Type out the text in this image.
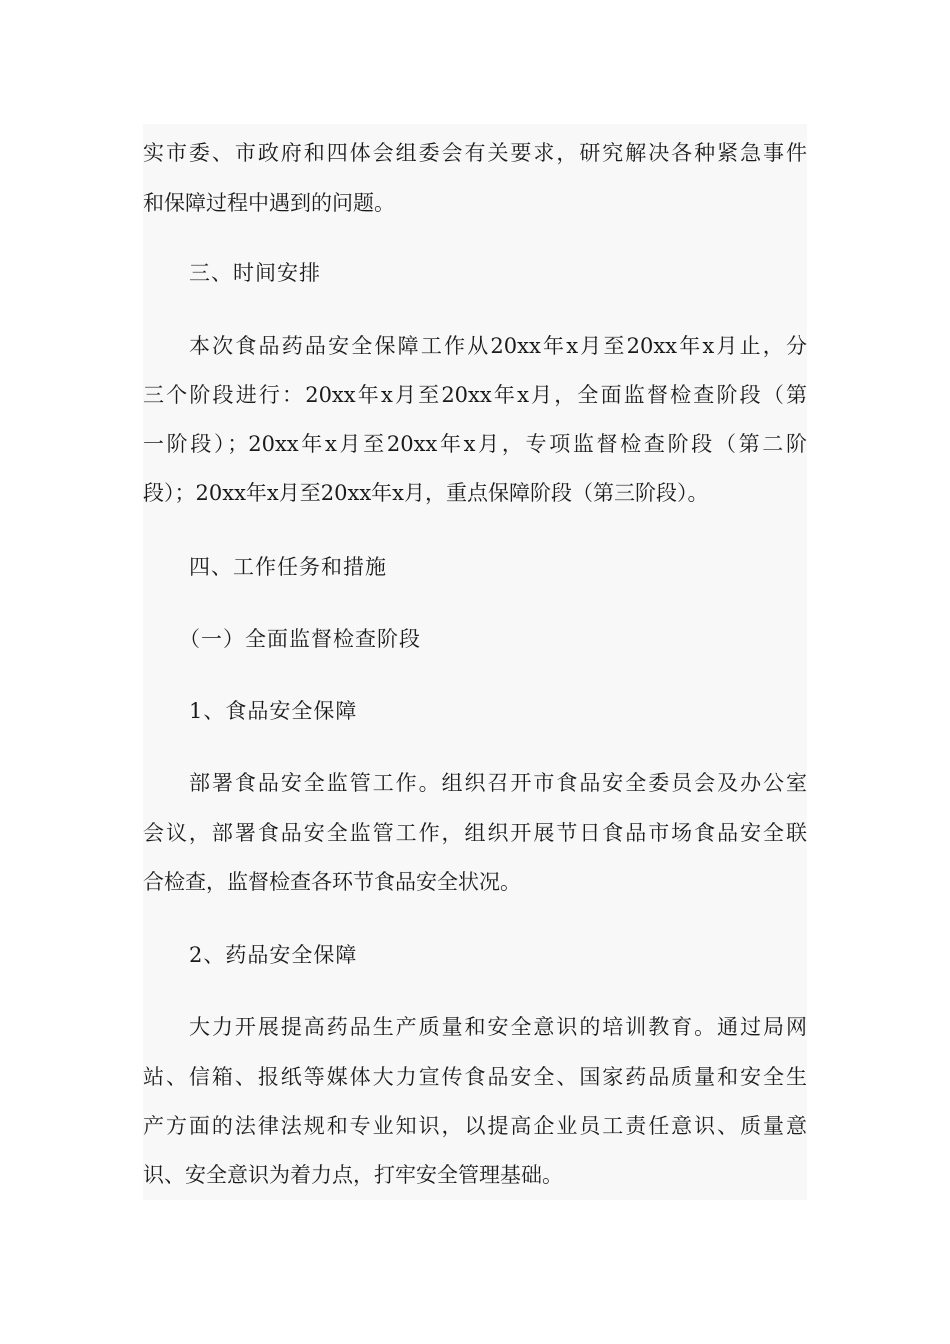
实市委、市政府和四体会组委会有关要求，研究解决各种紧急事件
和保障过程中遇到的问题。
三、时间安排
本次食品药品安全保障工作从20xx年x月至20xx年x月止，分
三个阶段进行：20xx年x月至20xx年x月，全面监督检查阶段（第
一阶段）；20xx年x月至20xx年x月，专项监督检查阶段（第二阶
段）；20xx年x月至20xx年x月，重点保障阶段（第三阶段）。
四、工作任务和措施
（一）全面监督检查阶段
1、食品安全保障
部署食品安全监管工作。组织召开市食品安全委员会及办公室
会议，部署食品安全监管工作，组织开展节日食品市场食品安全联
合检查，监督检查各环节食品安全状况。
2、药品安全保障
大力开展提高药品生产质量和安全意识的培训教育。通过局网
站、信箱、报纸等媒体大力宣传食品安全、国家药品质量和安全生
产方面的法律法规和专业知识，以提高企业员工责任意识、质量意
识、安全意识为着力点，打牢安全管理基础。
